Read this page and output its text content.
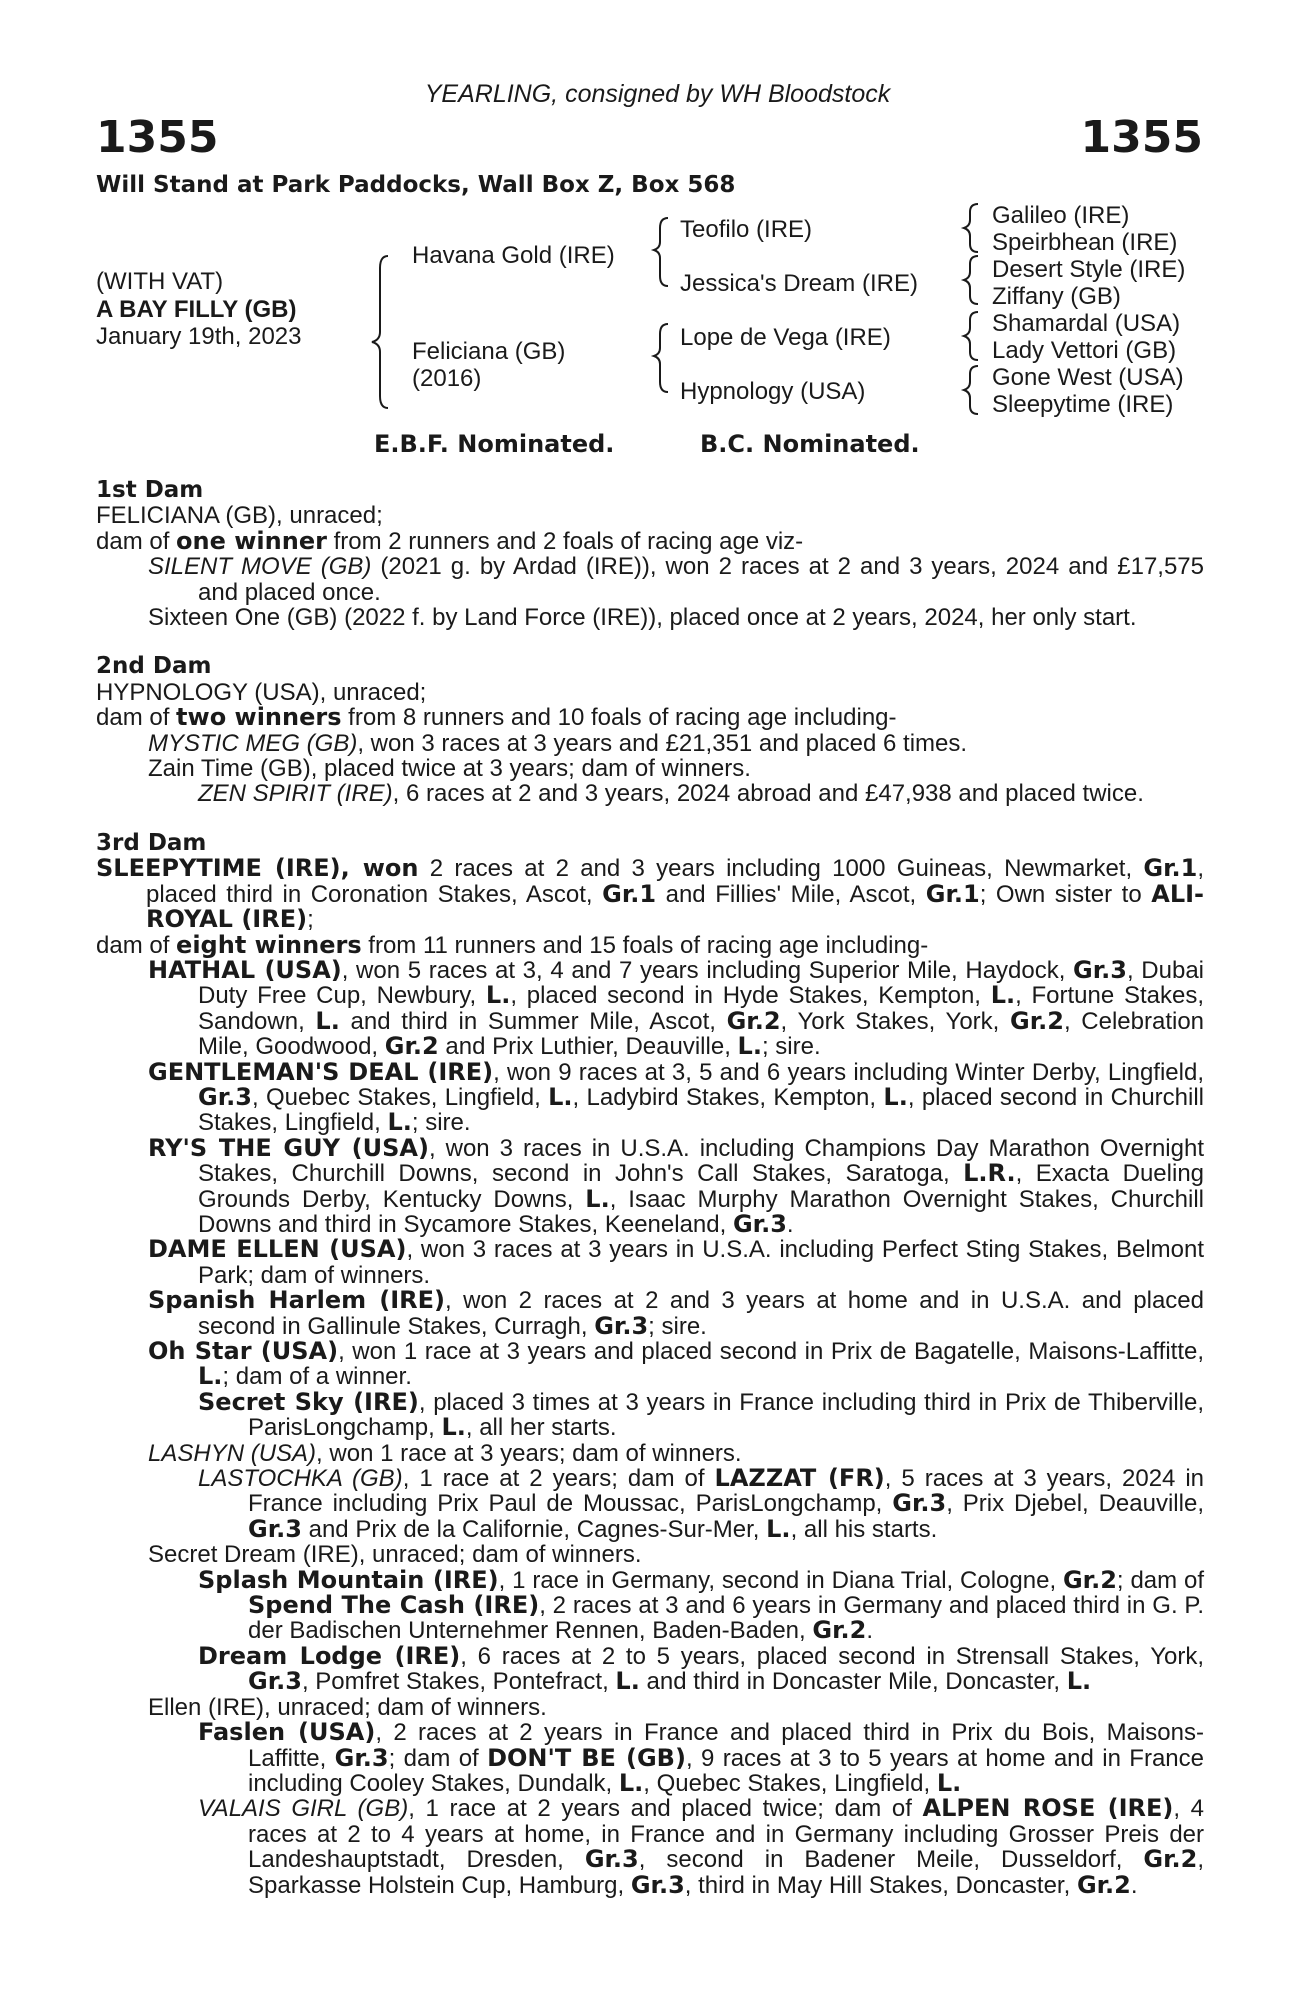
YEARLING, consigned by WH Bloodstock
1355	1355
Will Stand at Park Paddocks, Wall Box Z, Box 568
(WITH VAT)
A BAY FILLY (GB)
January 19th, 2023
Havana Gold (IRE)
Feliciana (GB)
(2016)
Teofilo (IRE)
Jessica's Dream (IRE)
Lope de Vega (IRE)
Hypnology (USA)
Galileo (IRE)
Speirbhean (IRE)
Desert Style (IRE)
Ziffany (GB)
Shamardal (USA)
Lady Vettori (GB)
Gone West (USA)
Sleepytime (IRE)
E.B.F. Nominated.	B.C. Nominated.
1st Dam
FELICIANA (GB), unraced;
dam of one winner from 2 runners and 2 foals of racing age viz-
SILENT MOVE (GB) (2021 g. by Ardad (IRE)), won 2 races at 2 and 3 years, 2024 and £17,575 and placed once.
Sixteen One (GB) (2022 f. by Land Force (IRE)), placed once at 2 years, 2024, her only start.
2nd Dam
HYPNOLOGY (USA), unraced;
dam of two winners from 8 runners and 10 foals of racing age including-
MYSTIC MEG (GB), won 3 races at 3 years and £21,351 and placed 6 times.
Zain Time (GB), placed twice at 3 years; dam of winners.
ZEN SPIRIT (IRE), 6 races at 2 and 3 years, 2024 abroad and £47,938 and placed twice.
3rd Dam
SLEEPYTIME (IRE), won 2 races at 2 and 3 years including 1000 Guineas, Newmarket, Gr.1, placed third in Coronation Stakes, Ascot, Gr.1 and Fillies' Mile, Ascot, Gr.1; Own sister to ALI-ROYAL (IRE);
dam of eight winners from 11 runners and 15 foals of racing age including-
HATHAL (USA), won 5 races at 3, 4 and 7 years including Superior Mile, Haydock, Gr.3, Dubai Duty Free Cup, Newbury, L., placed second in Hyde Stakes, Kempton, L., Fortune Stakes, Sandown, L. and third in Summer Mile, Ascot, Gr.2, York Stakes, York, Gr.2, Celebration Mile, Goodwood, Gr.2 and Prix Luthier, Deauville, L.; sire.
GENTLEMAN'S DEAL (IRE), won 9 races at 3, 5 and 6 years including Winter Derby, Lingfield, Gr.3, Quebec Stakes, Lingfield, L., Ladybird Stakes, Kempton, L., placed second in Churchill Stakes, Lingfield, L.; sire.
RY'S THE GUY (USA), won 3 races in U.S.A. including Champions Day Marathon Overnight Stakes, Churchill Downs, second in John's Call Stakes, Saratoga, L.R., Exacta Dueling Grounds Derby, Kentucky Downs, L., Isaac Murphy Marathon Overnight Stakes, Churchill Downs and third in Sycamore Stakes, Keeneland, Gr.3.
DAME ELLEN (USA), won 3 races at 3 years in U.S.A. including Perfect Sting Stakes, Belmont Park; dam of winners.
Spanish Harlem (IRE), won 2 races at 2 and 3 years at home and in U.S.A. and placed second in Gallinule Stakes, Curragh, Gr.3; sire.
Oh Star (USA), won 1 race at 3 years and placed second in Prix de Bagatelle, Maisons-Laffitte, L.; dam of a winner.
Secret Sky (IRE), placed 3 times at 3 years in France including third in Prix de Thiberville, ParisLongchamp, L., all her starts.
LASHYN (USA), won 1 race at 3 years; dam of winners.
LASTOCHKA (GB), 1 race at 2 years; dam of LAZZAT (FR), 5 races at 3 years, 2024 in France including Prix Paul de Moussac, ParisLongchamp, Gr.3, Prix Djebel, Deauville, Gr.3 and Prix de la Californie, Cagnes-Sur-Mer, L., all his starts.
Secret Dream (IRE), unraced; dam of winners.
Splash Mountain (IRE), 1 race in Germany, second in Diana Trial, Cologne, Gr.2; dam of Spend The Cash (IRE), 2 races at 3 and 6 years in Germany and placed third in G. P. der Badischen Unternehmer Rennen, Baden-Baden, Gr.2.
Dream Lodge (IRE), 6 races at 2 to 5 years, placed second in Strensall Stakes, York, Gr.3, Pomfret Stakes, Pontefract, L. and third in Doncaster Mile, Doncaster, L.
Ellen (IRE), unraced; dam of winners.
Faslen (USA), 2 races at 2 years in France and placed third in Prix du Bois, Maisons-Laffitte, Gr.3; dam of DON'T BE (GB), 9 races at 3 to 5 years at home and in France including Cooley Stakes, Dundalk, L., Quebec Stakes, Lingfield, L.
VALAIS GIRL (GB), 1 race at 2 years and placed twice; dam of ALPEN ROSE (IRE), 4 races at 2 to 4 years at home, in France and in Germany including Grosser Preis der Landeshauptstadt, Dresden, Gr.3, second in Badener Meile, Dusseldorf, Gr.2, Sparkasse Holstein Cup, Hamburg, Gr.3, third in May Hill Stakes, Doncaster, Gr.2.
